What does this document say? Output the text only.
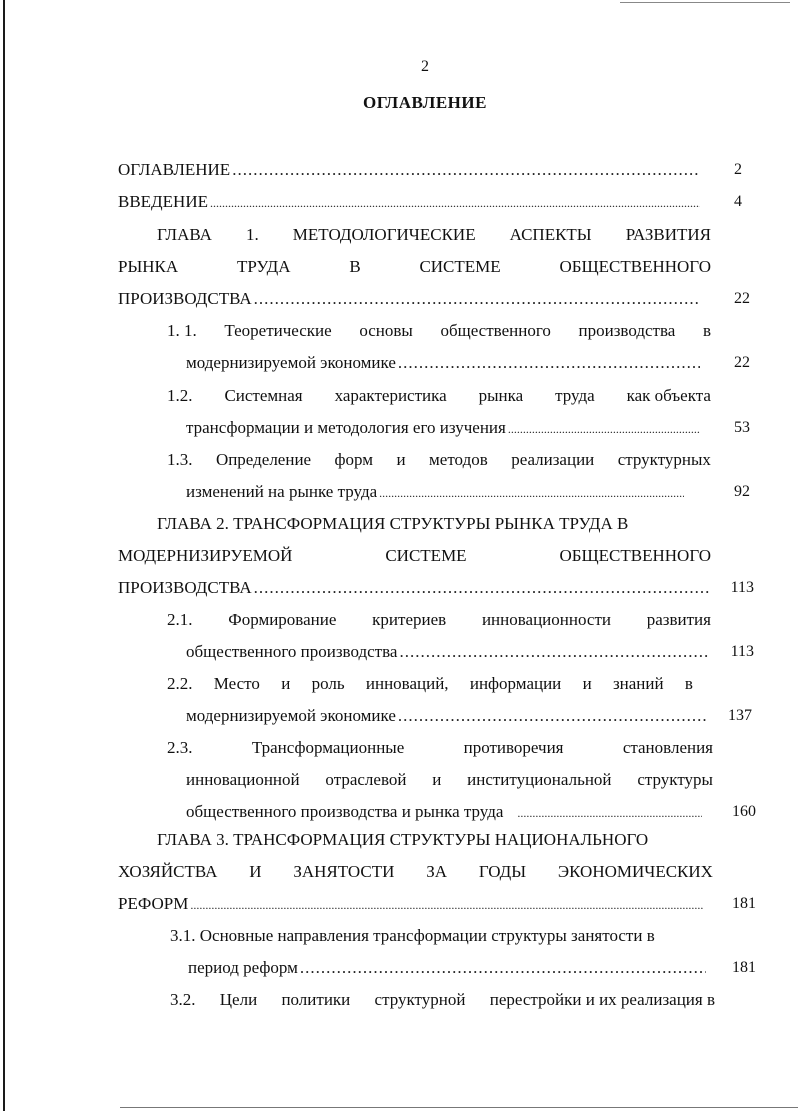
2
ОГЛАВЛЕНИЕ
ОГЛАВЛЕНИЕ .....	2
ВВЕДЕНИЕ .....	4
ГЛАВА 1. МЕТОДОЛОГИЧЕСКИЕ АСПЕКТЫ РАЗВИТИЯ
РЫНКА	ТРУДА	В	СИСТЕМЕ	ОБЩЕСТВЕННОГО
ПРОИЗВОДСТВА .....	22
1. 1. Теоретические основы общественного производства в
модернизируемой экономике .....	22
1.2. Системная характеристика рынка труда как объекта
трансформации и методология его изучения .....	53
1.3. Определение форм и методов реализации структурных
изменений на рынке труда .....	92
ГЛАВА 2. ТРАНСФОРМАЦИЯ СТРУКТУРЫ РЫНКА ТРУДА В
МОДЕРНИЗИРУЕМОЙ	СИСТЕМЕ	ОБЩЕСТВЕННОГО
ПРОИЗВОДСТВА .....	113
2.1. Формирование критериев инновационности развития
общественного производства .....	113
2.2. Место и роль инноваций, информации и знаний в
модернизируемой экономике .....	137
2.3.	Трансформационные	противоречия	становления
инновационной отраслевой и институциональной структуры
общественного производства и рынка труда .....	160
ГЛАВА 3. ТРАНСФОРМАЦИЯ СТРУКТУРЫ НАЦИОНАЛЬНОГО
ХОЗЯЙСТВА И ЗАНЯТОСТИ ЗА ГОДЫ ЭКОНОМИЧЕСКИХ
РЕФОРМ .....	181
3.1. Основные направления трансформации структуры занятости в
период реформ .....	181
3.2. Цели политики структурной перестройки и их реализация в
